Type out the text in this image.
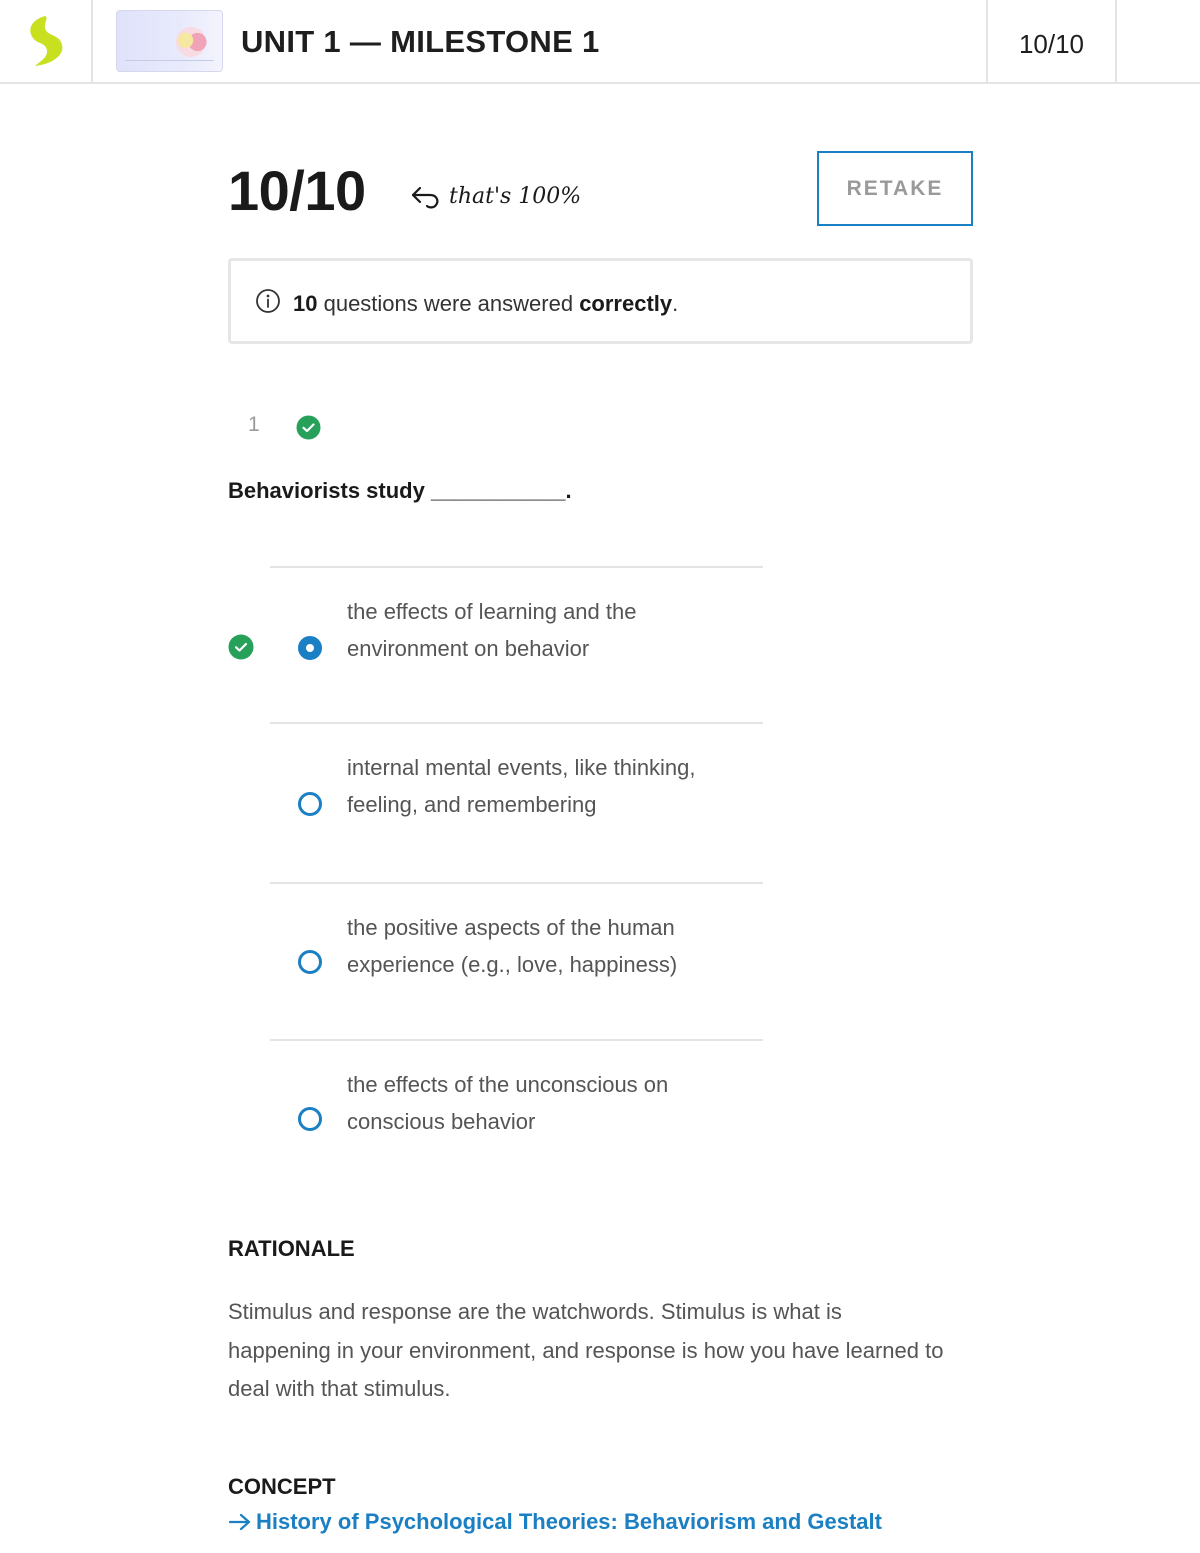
UNIT 1 — MILESTONE 1	10/10
10/10	that's 100%	RETAKE
10 questions were answered correctly.
1
Behaviorists study ___________.
the effects of learning and the environment on behavior
internal mental events, like thinking, feeling, and remembering
the positive aspects of the human experience (e.g., love, happiness)
the effects of the unconscious on conscious behavior
RATIONALE
Stimulus and response are the watchwords. Stimulus is what is happening in your environment, and response is how you have learned to deal with that stimulus.
CONCEPT
History of Psychological Theories: Behaviorism and Gestalt
